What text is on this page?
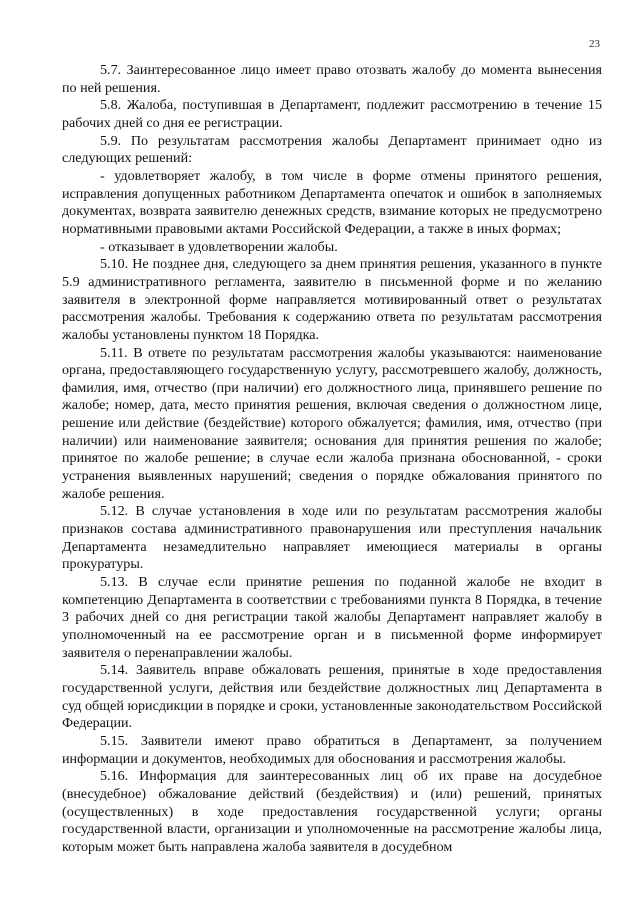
23

5.7. Заинтересованное лицо имеет право отозвать жалобу до момента вынесения по ней решения.

5.8. Жалоба, поступившая в Департамент, подлежит рассмотрению в течение 15 рабочих дней со дня ее регистрации.

5.9. По результатам рассмотрения жалобы Департамент принимает одно из следующих решений:

- удовлетворяет жалобу, в том числе в форме отмены принятого решения, исправления допущенных работником Департамента опечаток и ошибок в заполняемых документах, возврата заявителю денежных средств, взимание которых не предусмотрено нормативными правовыми актами Российской Федерации, а также в иных формах;

- отказывает в удовлетворении жалобы.

5.10. Не позднее дня, следующего за днем принятия решения, указанного в пункте 5.9 административного регламента, заявителю в письменной форме и по желанию заявителя в электронной форме направляется мотивированный ответ о результатах рассмотрения жалобы. Требования к содержанию ответа по результатам рассмотрения жалобы установлены пунктом 18 Порядка.

5.11. В ответе по результатам рассмотрения жалобы указываются: наименование органа, предоставляющего государственную услугу, рассмотревшего жалобу, должность, фамилия, имя, отчество (при наличии) его должностного лица, принявшего решение по жалобе; номер, дата, место принятия решения, включая сведения о должностном лице, решение или действие (бездействие) которого обжалуется; фамилия, имя, отчество (при наличии) или наименование заявителя; основания для принятия решения по жалобе; принятое по жалобе решение; в случае если жалоба признана обоснованной, - сроки устранения выявленных нарушений; сведения о порядке обжалования принятого по жалобе решения.

5.12. В случае установления в ходе или по результатам рассмотрения жалобы признаков состава административного правонарушения или преступления начальник Департамента незамедлительно направляет имеющиеся материалы в органы прокуратуры.

5.13. В случае если принятие решения по поданной жалобе не входит в компетенцию Департамента в соответствии с требованиями пункта 8 Порядка, в течение 3 рабочих дней со дня регистрации такой жалобы Департамент направляет жалобу в уполномоченный на ее рассмотрение орган и в письменной форме информирует заявителя о перенаправлении жалобы.

5.14. Заявитель вправе обжаловать решения, принятые в ходе предоставления государственной услуги, действия или бездействие должностных лиц Департамента в суд общей юрисдикции в порядке и сроки, установленные законодательством Российской Федерации.

5.15. Заявители имеют право обратиться в Департамент, за получением информации и документов, необходимых для обоснования и рассмотрения жалобы.

5.16. Информация для заинтересованных лиц об их праве на досудебное (внесудебное) обжалование действий (бездействия) и (или) решений, принятых (осуществленных) в ходе предоставления государственной услуги; органы государственной власти, организации и уполномоченные на рассмотрение жалобы лица, которым может быть направлена жалоба заявителя в досудебном
